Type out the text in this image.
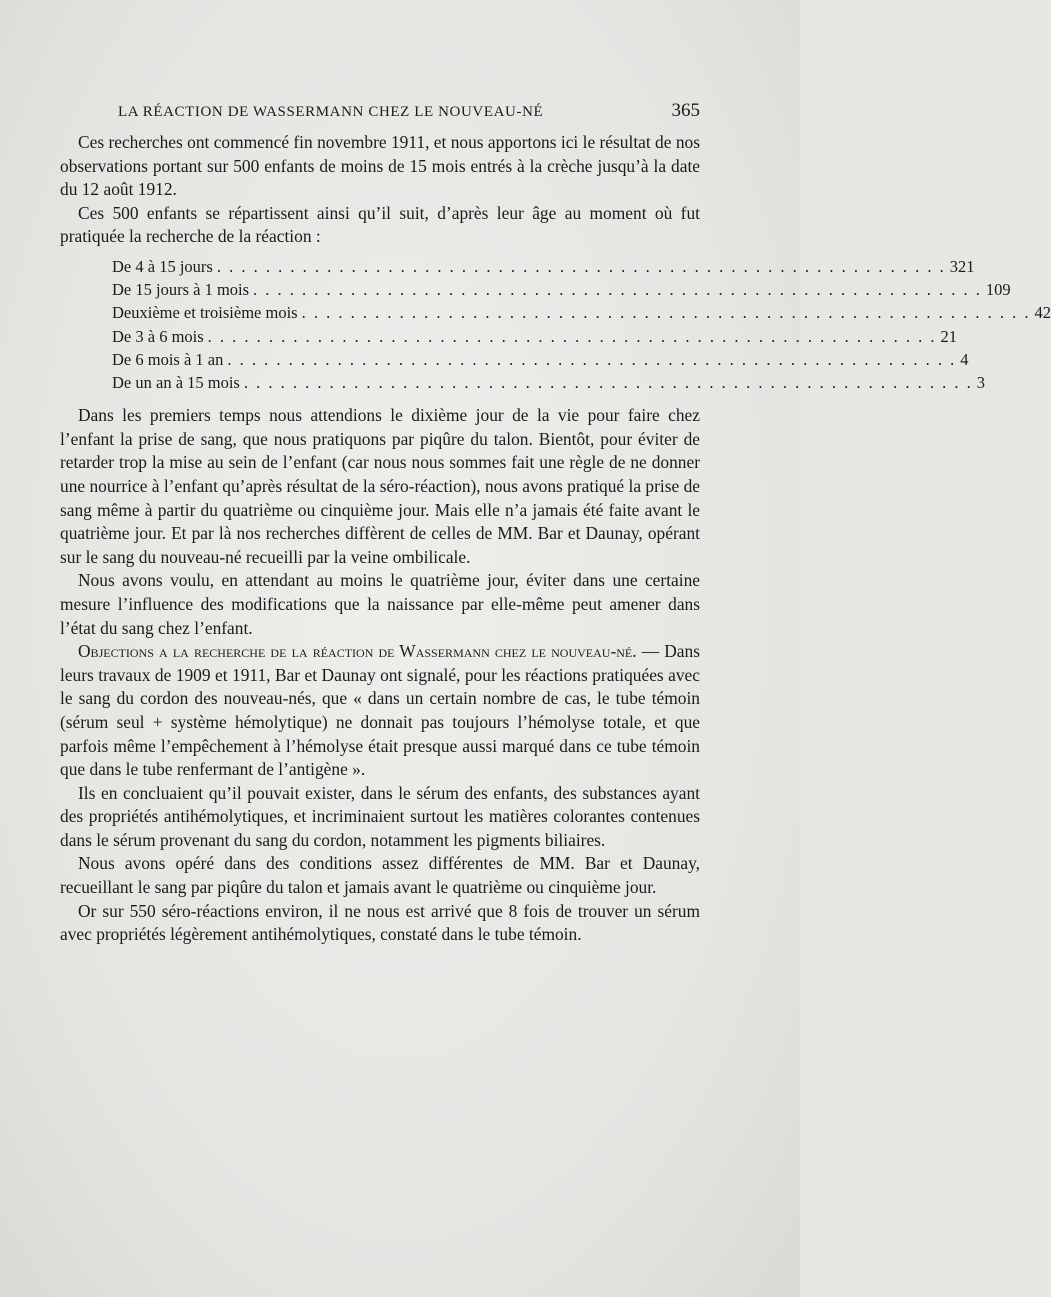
LA RÉACTION DE WASSERMANN CHEZ LE NOUVEAU-NÉ	365

Ces recherches ont commencé fin novembre 1911, et nous apportons ici le résultat de nos observations portant sur 500 enfants de moins de 15 mois entrés à la crèche jusqu’à la date du 12 août 1912.

Ces 500 enfants se répartissent ainsi qu’il suit, d’après leur âge au moment où fut pratiquée la recherche de la réaction :

De 4 à 15 jours . . . . . . . . . . . . . . . . . . . . . . . . . . . . . . . . . . . . . . . . . . . . . . . . . . . . . . . . . . . . 321
De 15 jours à 1 mois . . . . . . . . . . . . . . . . . . . . . . . . . . . . . . . . . . . . . . . . . . . . . . . . . . . . . . . . . . . . 109
Deuxième et troisième mois . . . . . . . . . . . . . . . . . . . . . . . . . . . . . . . . . . . . . . . . . . . . . . . . . . . . . . . . . . . . 42
De 3 à 6 mois . . . . . . . . . . . . . . . . . . . . . . . . . . . . . . . . . . . . . . . . . . . . . . . . . . . . . . . . . . . . 21
De 6 mois à 1 an . . . . . . . . . . . . . . . . . . . . . . . . . . . . . . . . . . . . . . . . . . . . . . . . . . . . . . . . . . . . 4
De un an à 15 mois . . . . . . . . . . . . . . . . . . . . . . . . . . . . . . . . . . . . . . . . . . . . . . . . . . . . . . . . . . . . 3

Dans les premiers temps nous attendions le dixième jour de la vie pour faire chez l’enfant la prise de sang, que nous pratiquons par piqûre du talon. Bientôt, pour éviter de retarder trop la mise au sein de l’enfant (car nous nous sommes fait une règle de ne donner une nourrice à l’enfant qu’après résultat de la séro-réaction), nous avons pratiqué la prise de sang même à partir du quatrième ou cinquième jour. Mais elle n’a jamais été faite avant le quatrième jour. Et par là nos recherches diffèrent de celles de MM. Bar et Daunay, opérant sur le sang du nouveau-né recueilli par la veine ombilicale.

Nous avons voulu, en attendant au moins le quatrième jour, éviter dans une certaine mesure l’influence des modifications que la naissance par elle-même peut amener dans l’état du sang chez l’enfant.

Objections a la recherche de la réaction de Wassermann chez le nouveau-né. — Dans leurs travaux de 1909 et 1911, Bar et Daunay ont signalé, pour les réactions pratiquées avec le sang du cordon des nouveau-nés, que « dans un certain nombre de cas, le tube témoin (sérum seul + système hémolytique) ne donnait pas toujours l’hémolyse totale, et que parfois même l’empêchement à l’hémolyse était presque aussi marqué dans ce tube témoin que dans le tube renfermant de l’antigène ».

Ils en concluaient qu’il pouvait exister, dans le sérum des enfants, des substances ayant des propriétés antihémolytiques, et incriminaient surtout les matières colorantes contenues dans le sérum provenant du sang du cordon, notamment les pigments biliaires.

Nous avons opéré dans des conditions assez différentes de MM. Bar et Daunay, recueillant le sang par piqûre du talon et jamais avant le quatrième ou cinquième jour.

Or sur 550 séro-réactions environ, il ne nous est arrivé que 8 fois de trouver un sérum avec propriétés légèrement antihémolytiques, constaté dans le tube témoin.
